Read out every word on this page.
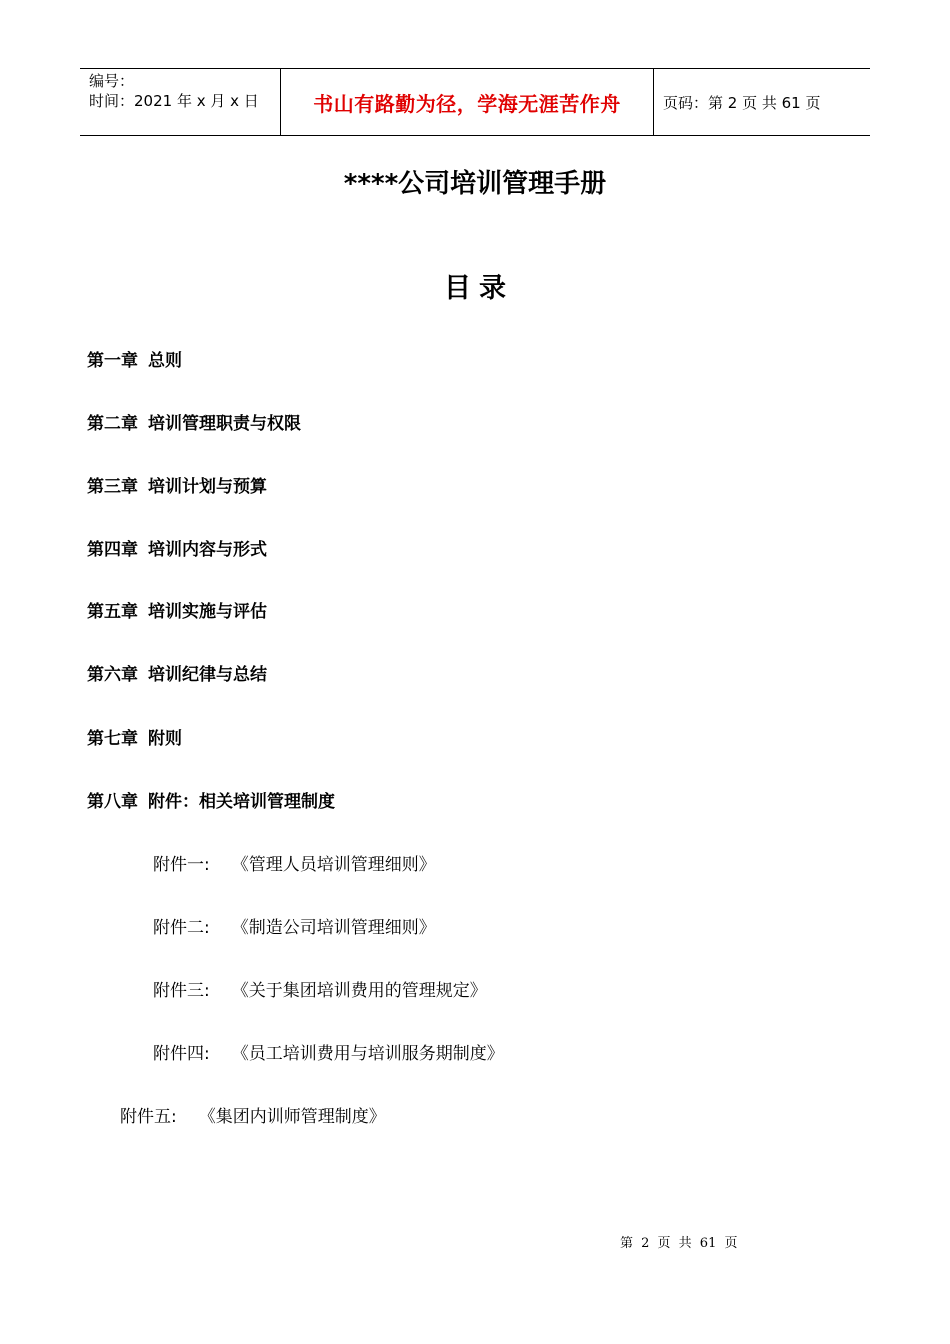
编号：
时间：2021 年 x 月 x 日	书山有路勤为径，学海无涯苦作舟	页码：第 2 页 共 61 页
****公司培训管理手册
目录
第一章 总则
第二章 培训管理职责与权限
第三章 培训计划与预算
第四章 培训内容与形式
第五章 培训实施与评估
第六章 培训纪律与总结
第七章 附则
第八章 附件：相关培训管理制度
附件一: 《管理人员培训管理细则》
附件二: 《制造公司培训管理细则》
附件三: 《关于集团培训费用的管理规定》
附件四: 《员工培训费用与培训服务期制度》
附件五: 《集团内训师管理制度》
第 2 页 共 61 页
